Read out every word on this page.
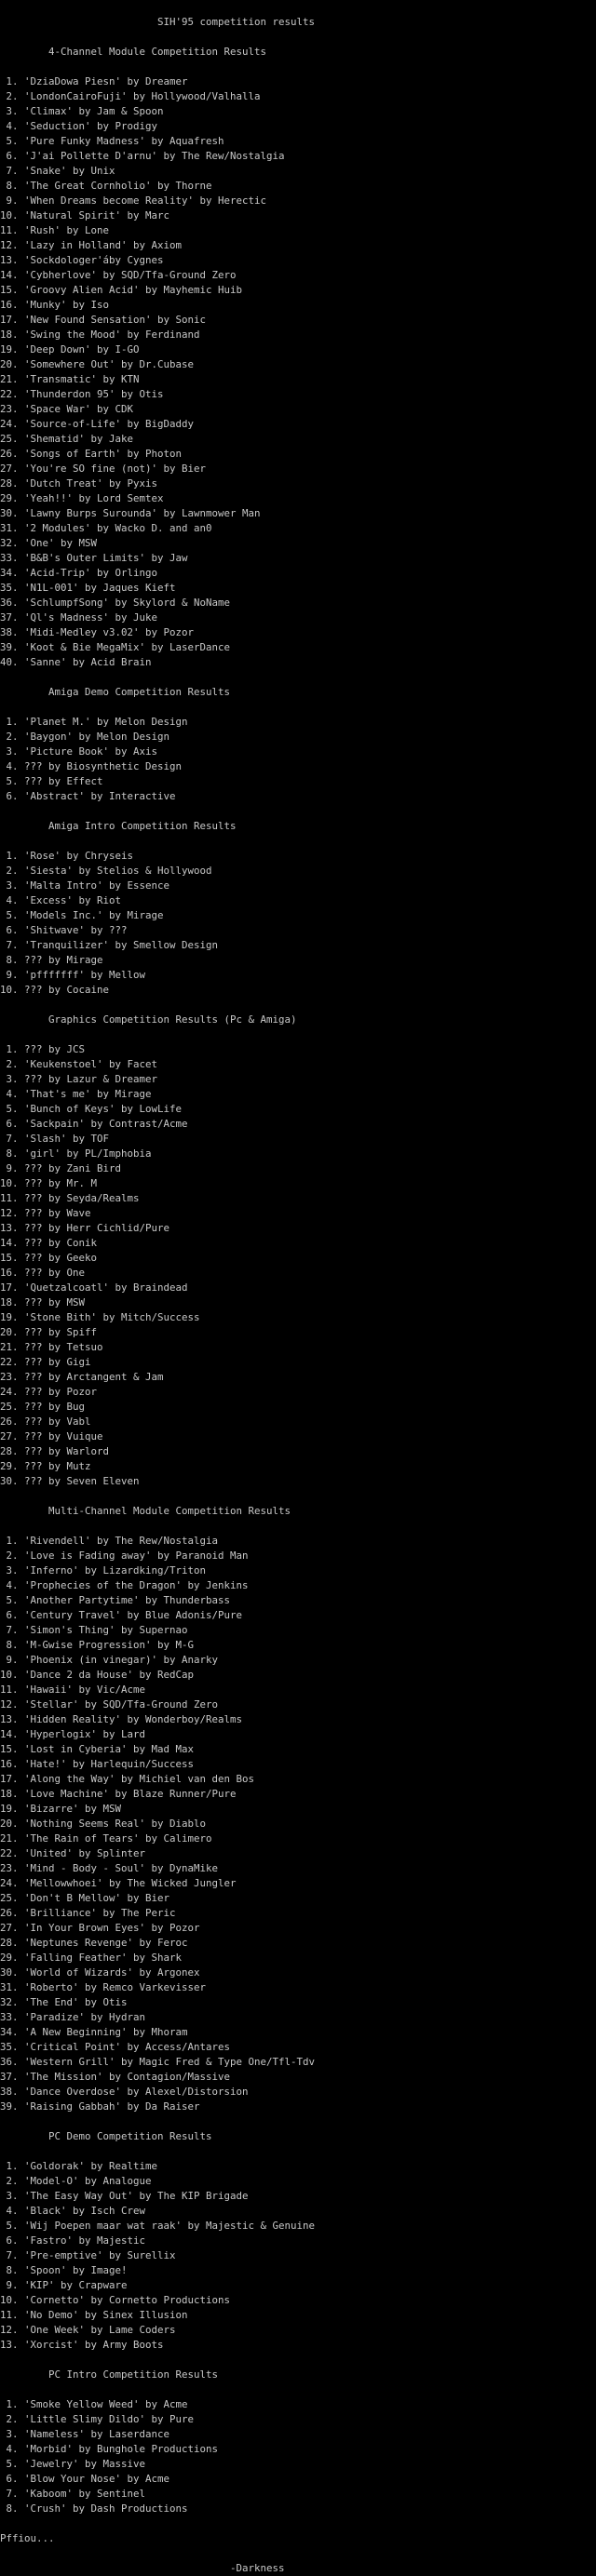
SIH'95 competition results
4-Channel Module Competition Results
1. 'DziaDowa Piesn' by Dreamer
2. 'LondonCairoFuji' by Hollywood/Valhalla
3. 'Climax' by Jam & Spoon
4. 'Seduction' by Prodigy
5. 'Pure Funky Madness' by Aquafresh
6. 'J'ai Pollette D'arnu' by The Rew/Nostalgia
7. 'Snake' by Unix
8. 'The Great Cornholio' by Thorne
9. 'When Dreams become Reality' by Herectic
10. 'Natural Spirit' by Marc
11. 'Rush' by Lone
12. 'Lazy in Holland' by Axiom
13. 'Sockdologer'áby Cygnes
14. 'Cybherlove' by SQD/Tfa-Ground Zero
15. 'Groovy Alien Acid' by Mayhemic Huib
16. 'Munky' by Iso
17. 'New Found Sensation' by Sonic
18. 'Swing the Mood' by Ferdinand
19. 'Deep Down' by I-GO
20. 'Somewhere Out' by Dr.Cubase
21. 'Transmatic' by KTN
22. 'Thunderdon 95' by Otis
23. 'Space War' by CDK
24. 'Source-of-Life' by BigDaddy
25. 'Shematid' by Jake
26. 'Songs of Earth' by Photon
27. 'You're SO fine (not)' by Bier
28. 'Dutch Treat' by Pyxis
29. 'Yeah!!' by Lord Semtex
30. 'Lawny Burps Surounda' by Lawnmower Man
31. '2 Modules' by Wacko D. and an0
32. 'One' by MSW
33. 'B&B's Outer Limits' by Jaw
34. 'Acid-Trip' by Orlingo
35. 'N1L-001' by Jaques Kieft
36. 'SchlumpfSong' by Skylord & NoName
37. 'Ql's Madness' by Juke
38. 'Midi-Medley v3.02' by Pozor
39. 'Koot & Bie MegaMix' by LaserDance
40. 'Sanne' by Acid Brain
Amiga Demo Competition Results
1. 'Planet M.' by Melon Design
2. 'Baygon' by Melon Design
3. 'Picture Book' by Axis
4. ??? by Biosynthetic Design
5. ??? by Effect
6. 'Abstract' by Interactive
Amiga Intro Competition Results
1. 'Rose' by Chryseis
2. 'Siesta' by Stelios & Hollywood
3. 'Malta Intro' by Essence
4. 'Excess' by Riot
5. 'Models Inc.' by Mirage
6. 'Shitwave' by ???
7. 'Tranquilizer' by Smellow Design
8. ??? by Mirage
9. 'pfffffff' by Mellow
10. ??? by Cocaine
Graphics Competition Results (Pc & Amiga)
1. ??? by JCS
2. 'Keukenstoel' by Facet
3. ??? by Lazur & Dreamer
4. 'That's me' by Mirage
5. 'Bunch of Keys' by LowLife
6. 'Sackpain' by Contrast/Acme
7. 'Slash' by TOF
8. 'girl' by PL/Imphobia
9. ??? by Zani Bird
10. ??? by Mr. M
11. ??? by Seyda/Realms
12. ??? by Wave
13. ??? by Herr Cichlid/Pure
14. ??? by Conik
15. ??? by Geeko
16. ??? by One
17. 'Quetzalcoatl' by Braindead
18. ??? by MSW
19. 'Stone Bith' by Mitch/Success
20. ??? by Spiff
21. ??? by Tetsuo
22. ??? by Gigi
23. ??? by Arctangent & Jam
24. ??? by Pozor
25. ??? by Bug
26. ??? by Vabl
27. ??? by Vuique
28. ??? by Warlord
29. ??? by Mutz
30. ??? by Seven Eleven
Multi-Channel Module Competition Results
1. 'Rivendell' by The Rew/Nostalgia
2. 'Love is Fading away' by Paranoid Man
3. 'Inferno' by Lizardking/Triton
4. 'Prophecies of the Dragon' by Jenkins
5. 'Another Partytime' by Thunderbass
6. 'Century Travel' by Blue Adonis/Pure
7. 'Simon's Thing' by Supernao
8. 'M-Gwise Progression' by M-G
9. 'Phoenix (in vinegar)' by Anarky
10. 'Dance 2 da House' by RedCap
11. 'Hawaii' by Vic/Acme
12. 'Stellar' by SQD/Tfa-Ground Zero
13. 'Hidden Reality' by Wonderboy/Realms
14. 'Hyperlogix' by Lard
15. 'Lost in Cyberia' by Mad Max
16. 'Hate!' by Harlequin/Success
17. 'Along the Way' by Michiel van den Bos
18. 'Love Machine' by Blaze Runner/Pure
19. 'Bizarre' by MSW
20. 'Nothing Seems Real' by Diablo
21. 'The Rain of Tears' by Calimero
22. 'United' by Splinter
23. 'Mind - Body - Soul' by DynaMike
24. 'Mellowwhoei' by The Wicked Jungler
25. 'Don't B Mellow' by Bier
26. 'Brilliance' by The Peric
27. 'In Your Brown Eyes' by Pozor
28. 'Neptunes Revenge' by Feroc
29. 'Falling Feather' by Shark
30. 'World of Wizards' by Argonex
31. 'Roberto' by Remco Varkevisser
32. 'The End' by Otis
33. 'Paradize' by Hydran
34. 'A New Beginning' by Mhoram
35. 'Critical Point' by Access/Antares
36. 'Western Grill' by Magic Fred & Type One/Tfl-Tdv
37. 'The Mission' by Contagion/Massive
38. 'Dance Overdose' by Alexel/Distorsion
39. 'Raising Gabbah' by Da Raiser
PC Demo Competition Results
1. 'Goldorak' by Realtime
2. 'Model-O' by Analogue
3. 'The Easy Way Out' by The KIP Brigade
4. 'Black' by Isch Crew
5. 'Wij Poepen maar wat raak' by Majestic & Genuine
6. 'Fastro' by Majestic
7. 'Pre-emptive' by Surellix
8. 'Spoon' by Image!
9. 'KIP' by Crapware
10. 'Cornetto' by Cornetto Productions
11. 'No Demo' by Sinex Illusion
12. 'One Week' by Lame Coders
13. 'Xorcist' by Army Boots
PC Intro Competition Results
1. 'Smoke Yellow Weed' by Acme
2. 'Little Slimy Dildo' by Pure
3. 'Nameless' by Laserdance
4. 'Morbid' by Bunghole Productions
5. 'Jewelry' by Massive
6. 'Blow Your Nose' by Acme
7. 'Kaboom' by Sentinel
8. 'Crush' by Dash Productions
Pffiou...
-Darkness
